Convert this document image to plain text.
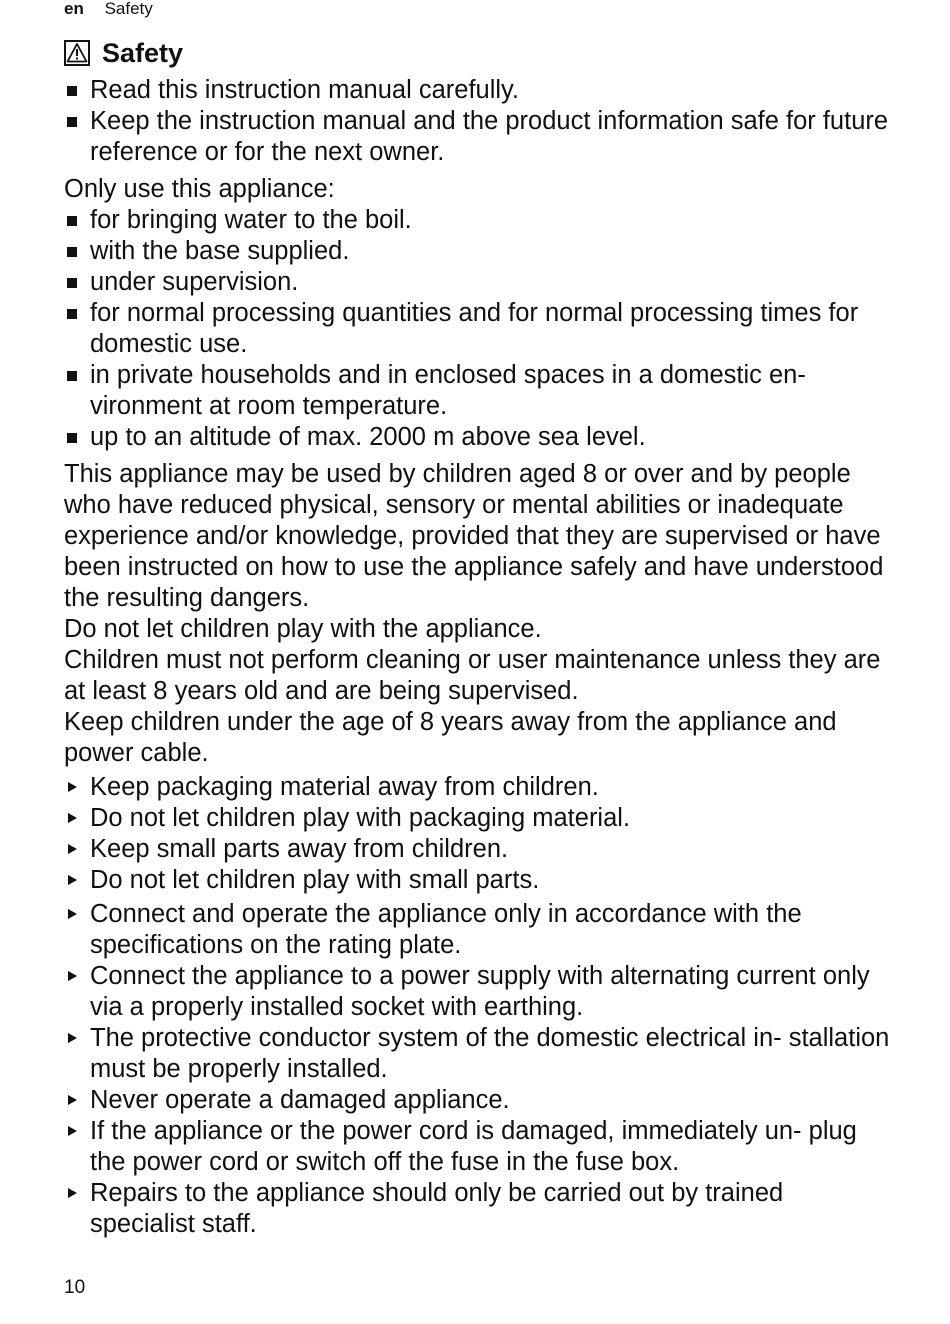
en Safety
Safety
Read this instruction manual carefully.
Keep the instruction manual and the product information safe for future reference or for the next owner.

Only use this appliance:

for bringing water to the boil.
with the base supplied.
under supervision.
for normal processing quantities and for normal processing times for domestic use.
in private households and in enclosed spaces in a domestic en- vironment at room temperature.
up to an altitude of max. 2000 m above sea level.

This appliance may be used by children aged 8 or over and by people who have reduced physical, sensory or mental abilities or inadequate experience and/or knowledge, provided that they are supervised or have been instructed on how to use the appliance safely and have understood the resulting dangers.

Do not let children play with the appliance.

Children must not perform cleaning or user maintenance unless they are at least 8 years old and are being supervised.

Keep children under the age of 8 years away from the appliance and power cable.

Keep packaging material away from children.
Do not let children play with packaging material.
Keep small parts away from children.
Do not let children play with small parts.
Connect and operate the appliance only in accordance with the specifications on the rating plate.
Connect the appliance to a power supply with alternating current only via a properly installed socket with earthing.
The protective conductor system of the domestic electrical in- stallation must be properly installed.
Never operate a damaged appliance.
If the appliance or the power cord is damaged, immediately un- plug the power cord or switch off the fuse in the fuse box.
Repairs to the appliance should only be carried out by trained specialist staff.
10
